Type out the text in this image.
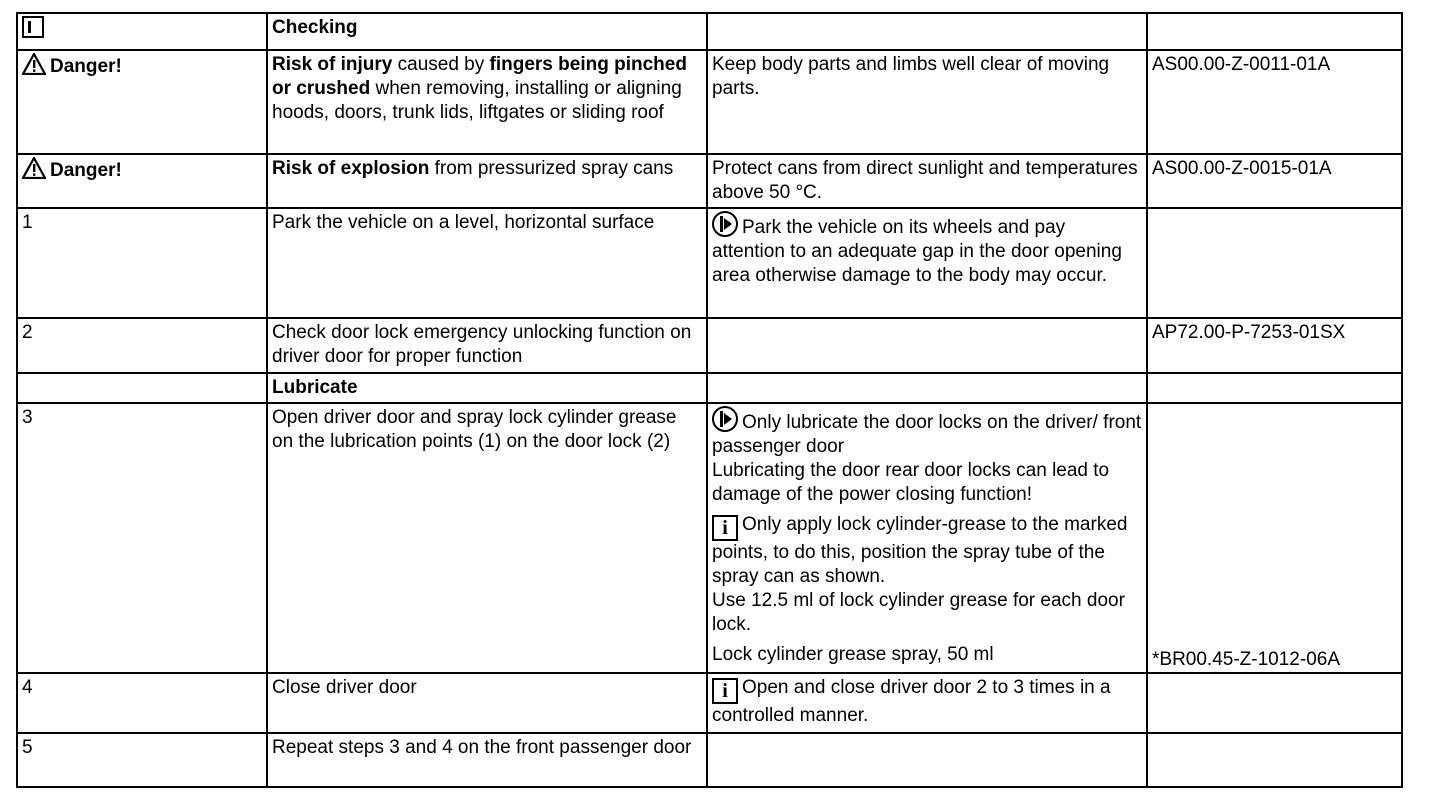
	Checking		
Danger!	Risk of injury caused by fingers being pinched or crushed when removing, installing or aligning hoods, doors, trunk lids, liftgates or sliding roof	Keep body parts and limbs well clear of moving parts.	AS00.00-Z-0011-01A
Danger!	Risk of explosion from pressurized spray cans	Protect cans from direct sunlight and temperatures above 50 °C.	AS00.00-Z-0015-01A
1	Park the vehicle on a level, horizontal surface	Park the vehicle on its wheels and pay attention to an adequate gap in the door opening area otherwise damage to the body may occur.	
2	Check door lock emergency unlocking function on driver door for proper function		AP72.00-P-7253-01SX
	Lubricate		
3	Open driver door and spray lock cylinder grease on the lubrication points (1) on the door lock (2)	Only lubricate the door locks on the driver/ front passenger door
Lubricating the door rear door locks can lead to damage of the power closing function!
i Only apply lock cylinder-grease to the marked points, to do this, position the spray tube of the spray can as shown.
Use 12.5 ml of lock cylinder grease for each door lock.
Lock cylinder grease spray, 50 ml	*BR00.45-Z-1012-06A
4	Close driver door	i Open and close driver door 2 to 3 times in a controlled manner.	
5	Repeat steps 3 and 4 on the front passenger door		
